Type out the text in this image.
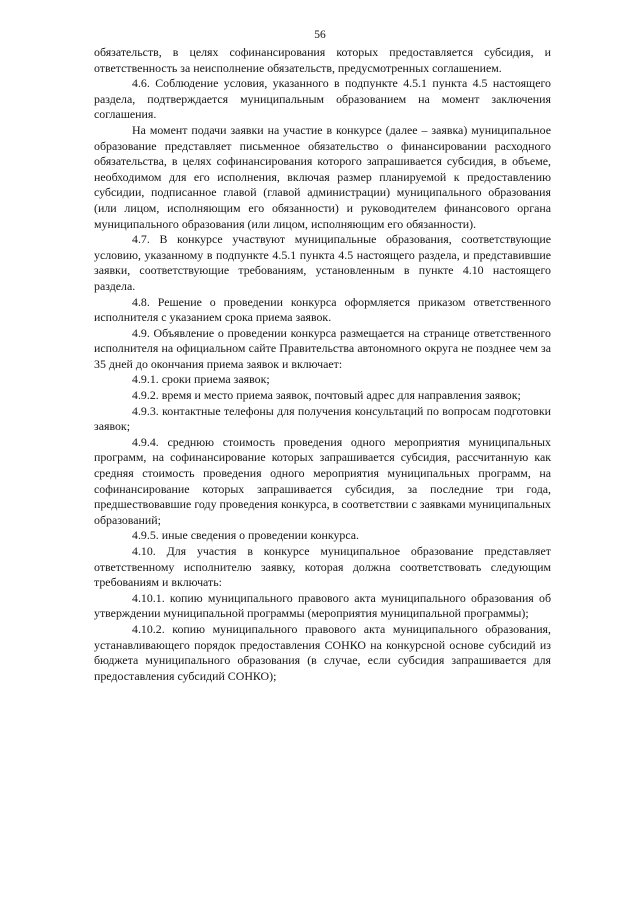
56

обязательств, в целях софинансирования которых предоставляется субсидия, и ответственность за неисполнение обязательств, предусмотренных соглашением.

4.6. Соблюдение условия, указанного в подпункте 4.5.1 пункта 4.5 настоящего раздела, подтверждается муниципальным образованием на момент заключения соглашения.

На момент подачи заявки на участие в конкурсе (далее – заявка) муниципальное образование представляет письменное обязательство о финансировании расходного обязательства, в целях софинансирования которого запрашивается субсидия, в объеме, необходимом для его исполнения, включая размер планируемой к предоставлению субсидии, подписанное главой (главой администрации) муниципального образования (или лицом, исполняющим его обязанности) и руководителем финансового органа муниципального образования (или лицом, исполняющим его обязанности).

4.7. В конкурсе участвуют муниципальные образования, соответствующие условию, указанному в подпункте 4.5.1 пункта 4.5 настоящего раздела, и представившие заявки, соответствующие требованиям, установленным в пункте 4.10 настоящего раздела.

4.8. Решение о проведении конкурса оформляется приказом ответственного исполнителя с указанием срока приема заявок.

4.9. Объявление о проведении конкурса размещается на странице ответственного исполнителя на официальном сайте Правительства автономного округа не позднее чем за 35 дней до окончания приема заявок и включает:

4.9.1. сроки приема заявок;

4.9.2. время и место приема заявок, почтовый адрес для направления заявок;

4.9.3. контактные телефоны для получения консультаций по вопросам подготовки заявок;

4.9.4. среднюю стоимость проведения одного мероприятия муниципальных программ, на софинансирование которых запрашивается субсидия, рассчитанную как средняя стоимость проведения одного мероприятия муниципальных программ, на софинансирование которых запрашивается субсидия, за последние три года, предшествовавшие году проведения конкурса, в соответствии с заявками муниципальных образований;

4.9.5. иные сведения о проведении конкурса.

4.10. Для участия в конкурсе муниципальное образование представляет ответственному исполнителю заявку, которая должна соответствовать следующим требованиям и включать:

4.10.1. копию муниципального правового акта муниципального образования об утверждении муниципальной программы (мероприятия муниципальной программы);

4.10.2. копию муниципального правового акта муниципального образования, устанавливающего порядок предоставления СОНКО на конкурсной основе субсидий из бюджета муниципального образования (в случае, если субсидия запрашивается для предоставления субсидий СОНКО);
